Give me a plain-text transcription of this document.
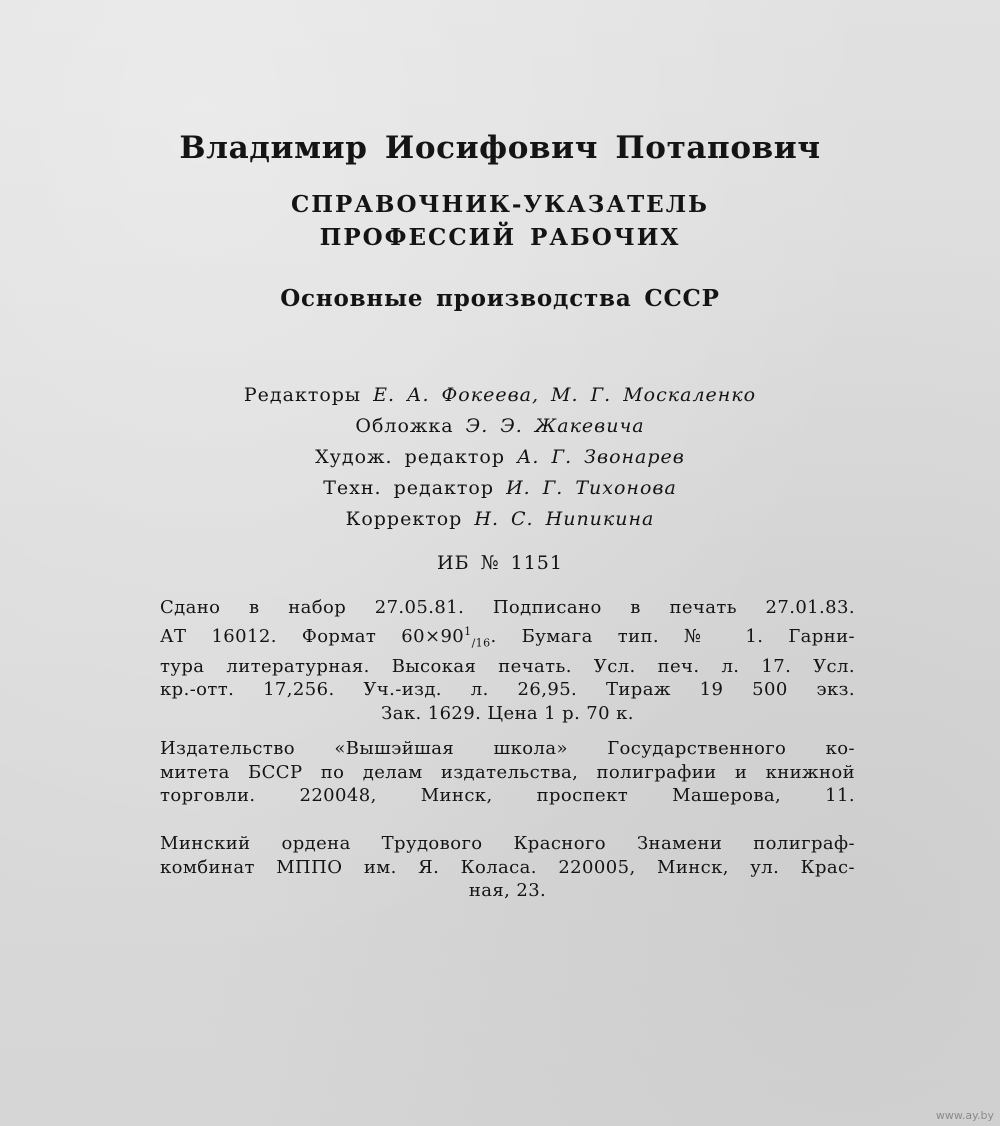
Владимир Иосифович Потапович
СПРАВОЧНИК-УКАЗАТЕЛЬ
ПРОФЕССИЙ РАБОЧИХ
Основные производства СССР
Редакторы Е. А. Фокеева, М. Г. Москаленко
Обложка Э. Э. Жакевича
Худож. редактор А. Г. Звонарев
Техн. редактор И. Г. Тихонова
Корректор Н. С. Нипикина
ИБ № 1151
Сдано в набор 27.05.81. Подписано в печать 27.01.83.
АТ 16012. Формат $60\times 90^1_{/16}$. Бумага тип. № 1. Гарни-
тура литературная. Высокая печать. Усл. печ. л. 17. Усл.
кр.-отт. 17,256. Уч.-изд. л. 26,95. Тираж 19 500 экз.
Зак. 1629. Цена 1 р. 70 к.
Издательство «Вышэйшая школа» Государственного ко-
митета БССР по делам издательства, полиграфии и книжной
торговли. 220048, Минск, проспект Машерова, 11.
Минский ордена Трудового Красного Знамени полиграф-
комбинат МППО им. Я. Коласа. 220005, Минск, ул. Крас-
ная, 23.
www.ay.by
